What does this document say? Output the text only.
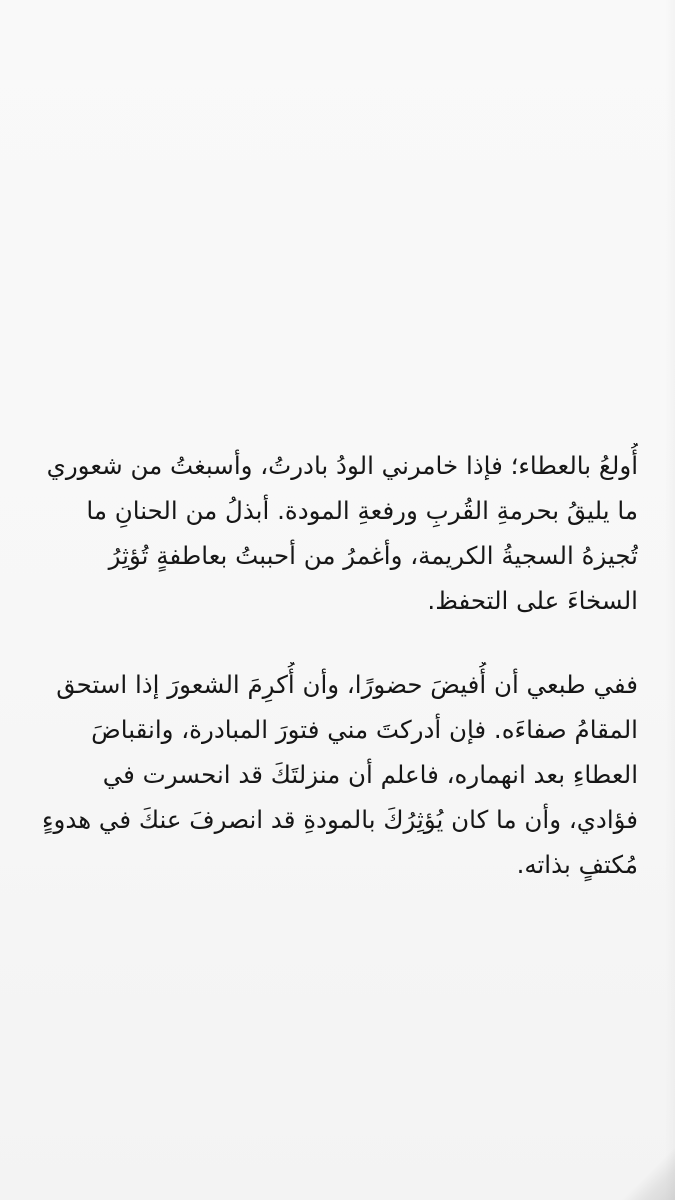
أُولعُ بالعطاء؛ فإذا خامرني الودُ بادرتُ، وأسبغتُ من شعوري
ما يليقُ بحرمةِ القُربِ ورفعةِ المودة. أبذلُ من الحنانِ ما
تُجيزهُ السجيةُ الكريمة، وأغمرُ من أحببتُ بعاطفةٍ تُؤثِرُ
السخاءَ على التحفظ.
ففي طبعي أن أُفيضَ حضورًا، وأن أُكرِمَ الشعورَ إذا استحق
المقامُ صفاءَه. فإن أدركتَ مني فتورَ المبادرة، وانقباضَ
العطاءِ بعد انهماره، فاعلم أن منزلتَكَ قد انحسرت في
فؤادي، وأن ما كان يُؤثِرُكَ بالمودةِ قد انصرفَ عنكَ في هدوءٍ
مُكتفٍ بذاته.
